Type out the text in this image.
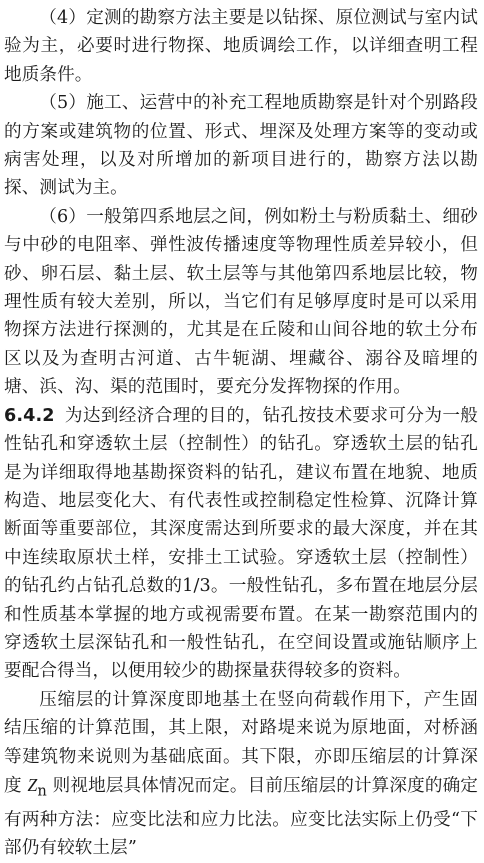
（4）定测的勘察方法主要是以钻探、原位测试与室内试验为主，必要时进行物探、地质调绘工作，以详细查明工程地质条件。

（5）施工、运营中的补充工程地质勘察是针对个别路段的方案或建筑物的位置、形式、埋深及处理方案等的变动或病害处理，以及对所增加的新项目进行的，勘察方法以勘探、测试为主。

（6）一般第四系地层之间，例如粉土与粉质黏土、细砂与中砂的电阻率、弹性波传播速度等物理性质差异较小，但砂、卵石层、黏土层、软土层等与其他第四系地层比较，物理性质有较大差别，所以，当它们有足够厚度时是可以采用物探方法进行探测的，尤其是在丘陵和山间谷地的软土分布区以及为查明古河道、古牛轭湖、埋藏谷、溺谷及暗埋的塘、浜、沟、渠的范围时，要充分发挥物探的作用。

6.4.2 为达到经济合理的目的，钻孔按技术要求可分为一般性钻孔和穿透软土层（控制性）的钻孔。穿透软土层的钻孔是为详细取得地基勘探资料的钻孔，建议布置在地貌、地质构造、地层变化大、有代表性或控制稳定性检算、沉降计算断面等重要部位，其深度需达到所要求的最大深度，并在其中连续取原状土样，安排土工试验。穿透软土层（控制性）的钻孔约占钻孔总数的1/3。一般性钻孔，多布置在地层分层和性质基本掌握的地方或视需要布置。在某一勘察范围内的穿透软土层深钻孔和一般性钻孔，在空间设置或施钻顺序上要配合得当，以便用较少的勘探量获得较多的资料。

压缩层的计算深度即地基土在竖向荷载作用下，产生固结压缩的计算范围，其上限，对路堤来说为原地面，对桥涵等建筑物来说则为基础底面。其下限，亦即压缩层的计算深度 $Z_n$ 则视地层具体情况而定。目前压缩层的计算深度的确定有两种方法：应变比法和应力比法。应变比法实际上仍受“下部仍有较软土层”
